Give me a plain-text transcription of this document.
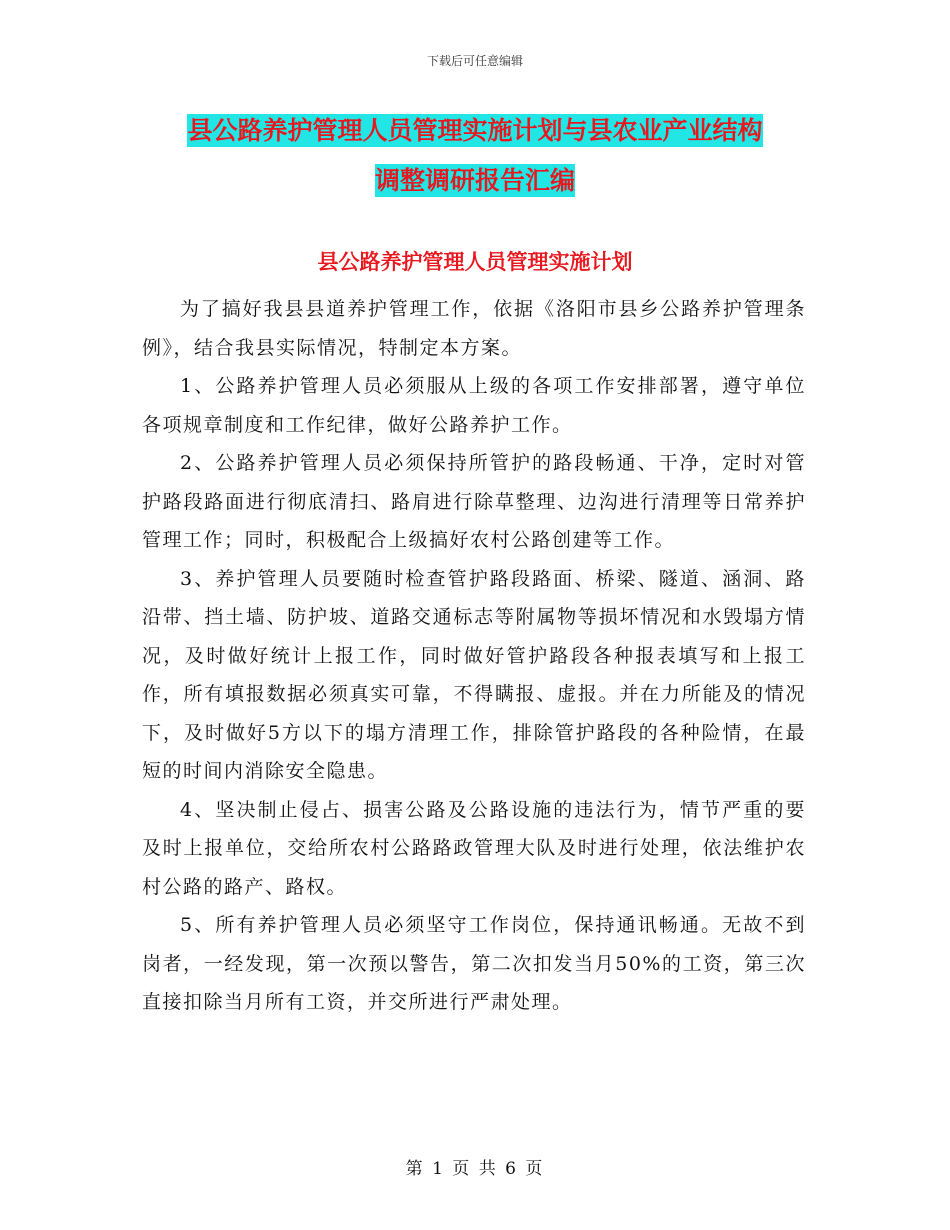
下载后可任意编辑
县公路养护管理人员管理实施计划与县农业产业结构
调整调研报告汇编
县公路养护管理人员管理实施计划

为了搞好我县县道养护管理工作，依据《洛阳市县乡公路养护管理条例》，结合我县实际情况，特制定本方案。

1、公路养护管理人员必须服从上级的各项工作安排部署，遵守单位各项规章制度和工作纪律，做好公路养护工作。

2、公路养护管理人员必须保持所管护的路段畅通、干净，定时对管护路段路面进行彻底清扫、路肩进行除草整理、边沟进行清理等日常养护管理工作；同时，积极配合上级搞好农村公路创建等工作。

3、养护管理人员要随时检查管护路段路面、桥梁、隧道、涵洞、路沿带、挡土墙、防护坡、道路交通标志等附属物等损坏情况和水毁塌方情况，及时做好统计上报工作，同时做好管护路段各种报表填写和上报工作，所有填报数据必须真实可靠，不得瞒报、虚报。并在力所能及的情况下，及时做好5方以下的塌方清理工作，排除管护路段的各种险情，在最短的时间内消除安全隐患。

4、坚决制止侵占、损害公路及公路设施的违法行为，情节严重的要及时上报单位，交给所农村公路路政管理大队及时进行处理，依法维护农村公路的路产、路权。

5、所有养护管理人员必须坚守工作岗位，保持通讯畅通。无故不到岗者，一经发现，第一次预以警告，第二次扣发当月50%的工资，第三次直接扣除当月所有工资，并交所进行严肃处理。

第 1 页 共 6 页
